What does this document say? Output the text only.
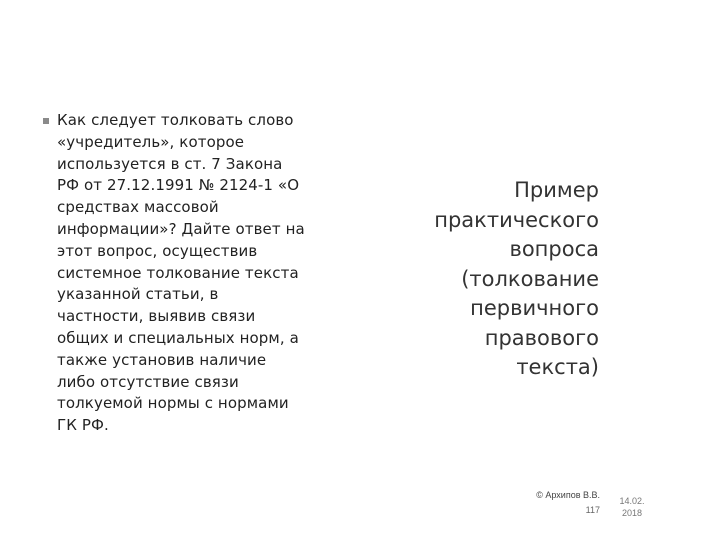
Как следует толковать слово «учредитель», которое используется в ст. 7 Закона РФ от 27.12.1991 № 2124-1 «О средствах массовой информации»? Дайте ответ на этот вопрос, осуществив системное толкование текста указанной статьи, в частности, выявив связи общих и специальных норм, а также установив наличие либо отсутствие связи толкуемой нормы с нормами ГК РФ.
Пример практического вопроса (толкование первичного правового текста)
© Архипов В.В.
117
14.02.
2018
